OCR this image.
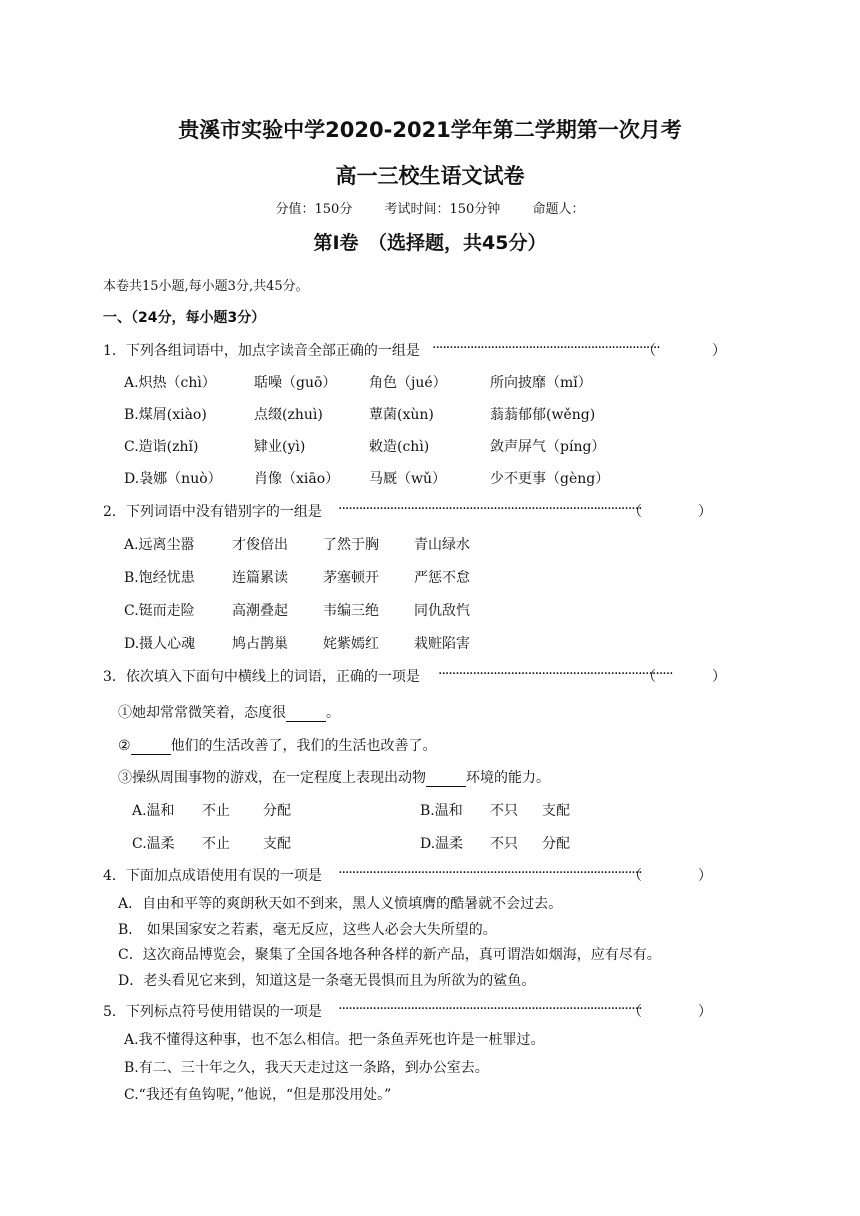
贵溪市实验中学2020-2021学年第二学期第一次月考
高一三校生语文试卷
分值：150分 考试时间：150分钟 命题人：
第Ⅰ卷　（选择题，共45分）
本卷共15小题,每小题3分,共45分。
一、（24分，每小题3分）
1．下列各组词语中，加点字读音全部正确的一组是 ··································································
（　　　　）
A.炽热（chì）	聒噪（guō） 角色（jué）	所向披靡（mǐ）
B.煤屑(xiào)	点缀(zhuì)	蕈菌(xùn)	蓊蓊郁郁(wěng)
C.造诣(zhǐ)	肄业(yì)	敕造(chì)	敛声屏气（píng）
D.袅娜（nuò） 肖像（xiāo） 马厩（wǔ）	少不更事（gèng）
2．下列词语中没有错别字的一组是 ························································································
（　　　　）
A.远离尘嚣	才俊倍出	了然于胸	青山绿水
B.饱经忧患	连篇累读	茅塞顿开	严惩不怠
C.铤而走险	高潮叠起	韦编三绝	同仇敌忾
D.摄人心魂	鸠占鹊巢	姹紫嫣红	栽赃陷害
3．依次填入下面句中横线上的词语，正确的一项是 ····································································
（　　　　）
①她却常常微笑着，态度很	。
②	他们的生活改善了，我们的生活也改善了。
③操纵周围事物的游戏，在一定程度上表现出动物	环境的能力。
A.温和 不止 分配	B.温和 不只 支配
C.温柔 不止 支配	D.温柔 不只 分配
4．下面加点成语使用有误的一项是 ························································································
（　　　　）
A．自由和平等的爽朗秋天如不到来，黑人义愤填膺的酷暑就不会过去。
B.　如果国家安之若素，毫无反应，这些人必会大失所望的。
C．这次商品博览会，聚集了全国各地各种各样的新产品，真可谓浩如烟海，应有尽有。
D．老头看见它来到，知道这是一条毫无畏惧而且为所欲为的鲨鱼。
5．下列标点符号使用错误的一项是 ························································································
（　　　　）
A.我不懂得这种事，也不怎么相信。把一条鱼弄死也许是一桩罪过。
B.有二、三十年之久，我天天走过这一条路，到办公室去。
C.“我还有鱼钩呢，”他说，“但是那没用处。”
